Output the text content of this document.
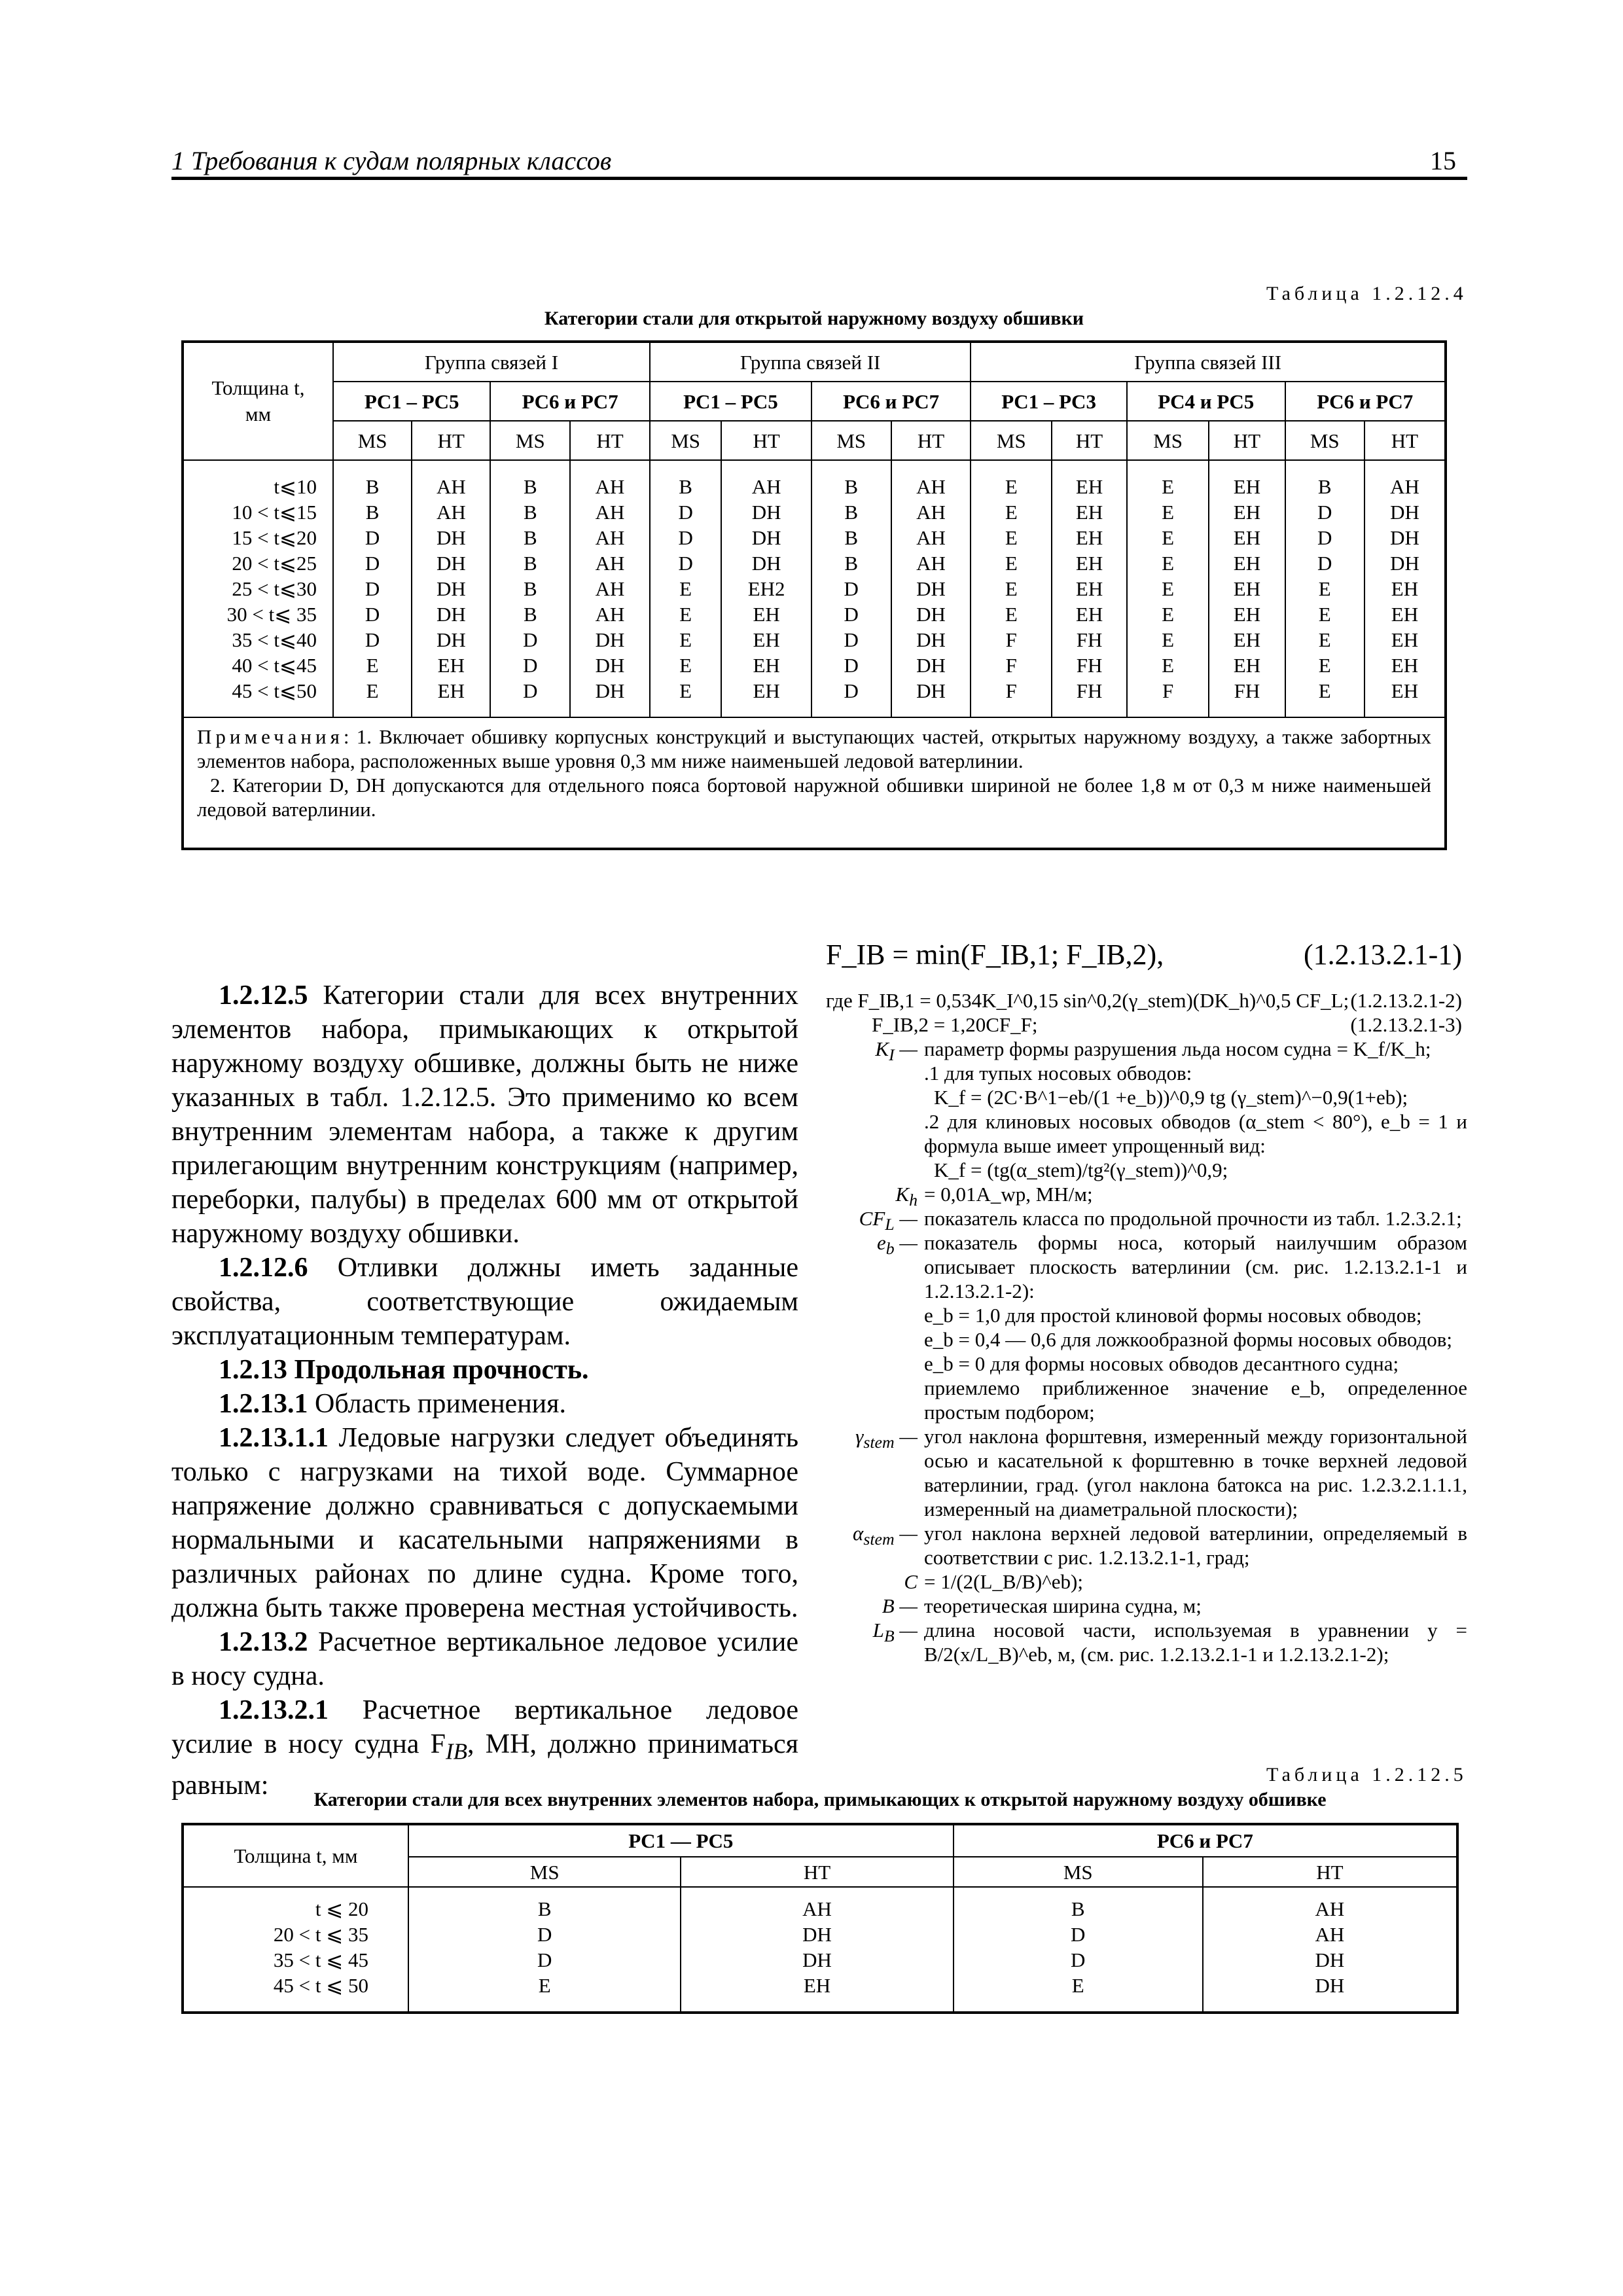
1 Требования к судам полярных классов	15
Таблица 1.2.12.4
Категории стали для открытой наружному воздуху обшивки
Толщина t, мм	Группа связей I				Группа связей II				Группа связей III					
	PC1 – PC5		PC6 и PC7		PC1 – PC5		PC6 и PC7		PC1 – PC3		PC4 и PC5		PC6 и PC7	
	MS	HT	MS	HT	MS	HT	MS	HT	MS	HT	MS	HT	MS	HT

t⩽10	B	AH	B	AH	B	AH	B	AH	E	EH	E	EH	B	AH
10 < t⩽15	B	AH	B	AH	D	DH	B	AH	E	EH	E	EH	D	DH
15 < t⩽20	D	DH	B	AH	D	DH	B	AH	E	EH	E	EH	D	DH
20 < t⩽25	D	DH	B	AH	D	DH	B	AH	E	EH	E	EH	D	DH
25 < t⩽30	D	DH	B	AH	E	EH2	D	DH	E	EH	E	EH	E	EH
30 < t⩽ 35	D	DH	B	AH	E	EH	D	DH	E	EH	E	EH	E	EH
35 < t⩽40	D	DH	D	DH	E	EH	D	DH	F	FH	E	EH	E	EH
40 < t⩽45	E	EH	D	DH	E	EH	D	DH	F	FH	E	EH	E	EH
45 < t⩽50	E	EH	D	DH	E	EH	D	DH	F	FH	F	FH	E	EH

Примечания: 1. Включает обшивку корпусных конструкций и выступающих частей, открытых наружному воздуху, а также забортных элементов набора, расположенных выше уровня 0,3 мм ниже наименьшей ледовой ватерлинии.
2. Категории D, DH допускаются для отдельного пояса бортовой наружной обшивки шириной не более 1,8 м от 0,3 м ниже наименьшей ледовой ватерлинии.														

1.2.12.5 Категории стали для всех внутренних элементов набора, примыкающих к открытой наружному воздуху обшивке, должны быть не ниже указанных в табл. 1.2.12.5. Это применимо ко всем внутренним элементам набора, а также к другим прилегающим внутренним конструкциям (например, переборки, палубы) в пределах 600 мм от открытой наружному воздуху обшивки.

1.2.12.6 Отливки должны иметь заданные свойства, соответствующие ожидаемым эксплуатационным температурам.

1.2.13 Продольная прочность.

1.2.13.1 Область применения.

1.2.13.1.1 Ледовые нагрузки следует объединять только с нагрузками на тихой воде. Суммарное напряжение должно сравниваться с допускаемыми нормальными и касательными напряжениями в различных районах по длине судна. Кроме того, должна быть также проверена местная устойчивость.

1.2.13.2 Расчетное вертикальное ледовое усилие в носу судна.

1.2.13.2.1 Расчетное вертикальное ледовое усилие в носу судна $F_{IB}$, МН, должно приниматься равным:

F_IB = min(F_IB,1; F_IB,2),	(1.2.13.2.1-1)
где F_IB,1 = 0,534K_I^0,15 sin^0,2(γ_stem)(DK_h)^0,5 CF_L; (1.2.13.2.1-2)
F_IB,2 = 1,20CF_F;	(1.2.13.2.1-3)
$K_I$ — параметр формы разрушения льда носом судна = K_f/K_h;
.1 для тупых носовых обводов:
K_f = (2C·B^1−eb/(1 +e_b))^0,9 tg (γ_stem)^−0,9(1+eb);
.2 для клиновых носовых обводов (α_stem < 80°), e_b = 1 и формула выше имеет упрощенный вид:
K_f = (tg(α_stem)/tg²(γ_stem))^0,9;
$K_h$ = 0,01A_wp, МН/м;
$CF_L$ — показатель класса по продольной прочности из табл. 1.2.3.2.1;
$e_b$ — показатель формы носа, который наилучшим образом описывает плоскость ватерлинии (см. рис. 1.2.13.2.1-1 и 1.2.13.2.1-2):
e_b = 1,0 для простой клиновой формы носовых обводов;
e_b = 0,4 — 0,6 для ложкообразной формы носовых обводов;
e_b = 0 для формы носовых обводов десантного судна;
приемлемо приближенное значение e_b, определенное простым подбором;
$\gamma_{stem}$ — угол наклона форштевня, измеренный между горизонтальной осью и касательной к форштевню в точке верхней ледовой ватерлинии, град. (угол наклона батокса на рис. 1.2.3.2.1.1.1, измеренный на диаметральной плоскости);
$\alpha_{stem}$ — угол наклона верхней ледовой ватерлинии, определяемый в соответствии с рис. 1.2.13.2.1-1, град;
C = 1/(2(L_B/B)^eb);
B — теоретическая ширина судна, м;
$L_B$ — длина носовой части, используемая в уравнении y = B/2(x/L_B)^eb, м, (см. рис. 1.2.13.2.1-1 и 1.2.13.2.1-2);
Таблица 1.2.12.5
Категории стали для всех внутренних элементов набора, примыкающих к открытой наружному воздуху обшивке
Толщина t, мм	PC1 — PC5		PC6 и PC7	
	MS	HT	MS	HT

t ⩽ 20	B	AH	B	AH
20 < t ⩽ 35	D	DH	D	AH
35 < t ⩽ 45	D	DH	D	DH
45 < t ⩽ 50	E	EH	E	DH
